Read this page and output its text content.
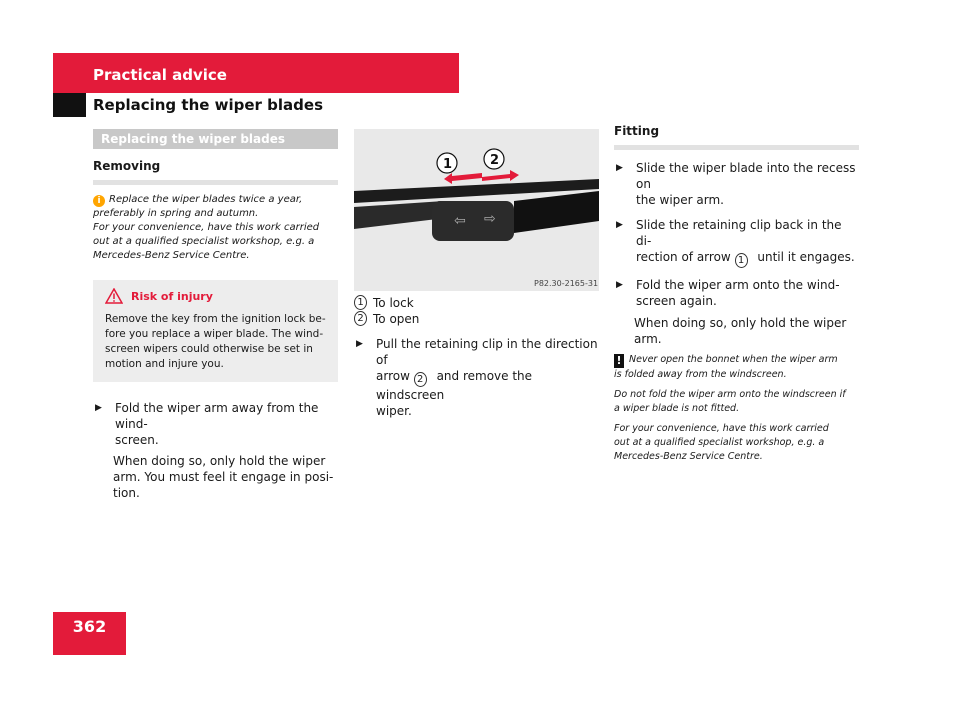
Practical advice
Replacing the wiper blades
Replacing the wiper blades
Removing
i Replace the wiper blades twice a year,
preferably in spring and autumn.
For your convenience, have this work carried
out at a qualified specialist workshop, e.g. a
Mercedes-Benz Service Centre.
Risk of injury
Remove the key from the ignition lock be-
fore you replace a wiper blade. The wind-
screen wipers could otherwise be set in
motion and injure you.
▶	Fold the wiper arm away from the wind-
screen.
When doing so, only hold the wiper
arm. You must feel it engage in posi-
tion.
⇦ ⇨
1	2
P82.30-2165-31
1 To lock
2 To open
▶	Pull the retaining clip in the direction of
arrow 2 and remove the windscreen
wiper.
Fitting
▶	Slide the wiper blade into the recess on
the wiper arm.
▶	Slide the retaining clip back in the di-
rection of arrow 1 until it engages.
▶	Fold the wiper arm onto the wind-
screen again.
When doing so, only hold the wiper
arm.
! Never open the bonnet when the wiper arm
is folded away from the windscreen.
Do not fold the wiper arm onto the windscreen if
a wiper blade is not fitted.
For your convenience, have this work carried
out at a qualified specialist workshop, e.g. a
Mercedes-Benz Service Centre.
362
